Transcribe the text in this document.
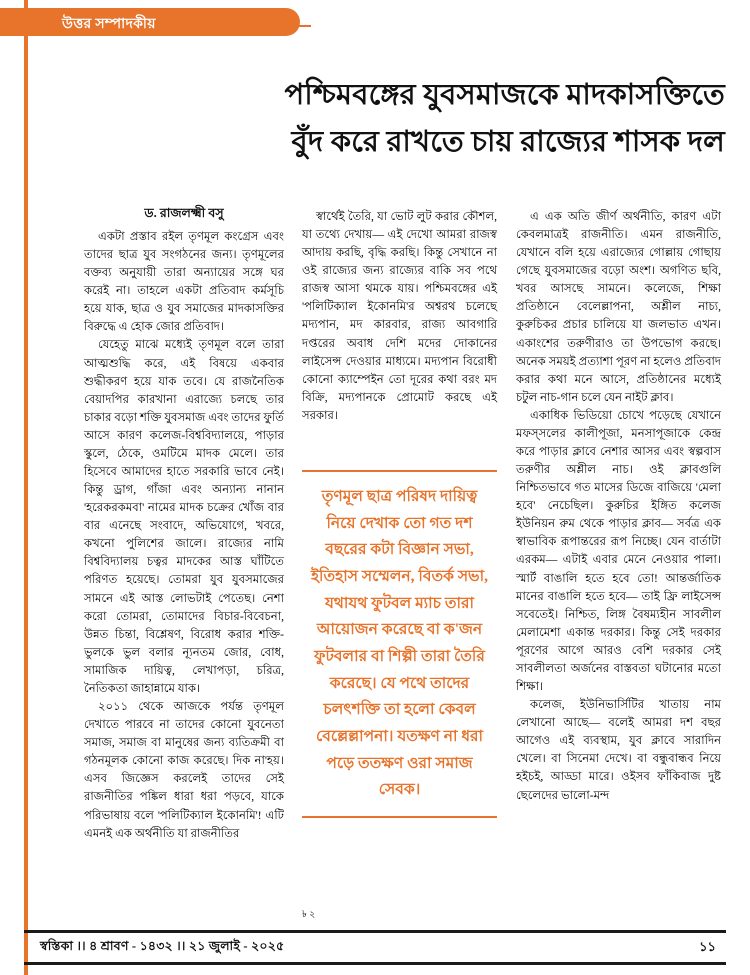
উত্তর সম্পাদকীয়
পশ্চিমবঙ্গের যুবসমাজকে মাদকাসক্তিতে
বুঁদ করে রাখতে চায় রাজ্যের শাসক দল
ড. রাজলক্ষ্মী বসু

একটা প্রস্তাব রইল তৃণমূল কংগ্রেস এবং তাদের ছাত্র যুব সংগঠনের জন্য। তৃণমূলের বক্তব্য অনুযায়ী তারা অন্যায়ের সঙ্গে ঘর করেই না। তাহলে একটা প্রতিবাদ কর্মসূচি হয়ে যাক, ছাত্র ও যুব সমাজের মাদকাসক্তির বিরুদ্ধে এ হোক জোর প্রতিবাদ।

যেহেতু মাঝে মধ্যেই তৃণমূল বলে তারা আত্মশুদ্ধি করে, এই বিষয়ে একবার শুদ্ধীকরণ হয়ে যাক তবে। যে রাজনৈতিক বেয়াদপির কারখানা এরাজ্যে চলছে তার চাকার বড়ো শক্তি যুবসমাজ এবং তাদের ফুর্তি আসে কারণ কলেজ-বিশ্ববিদ্যালয়ে, পাড়ার স্কুলে, ঠেকে, ওমটিমে মাদক মেলে। তার হিসেবে আমাদের হাতে সরকারি ভাবে নেই। কিন্তু ড্রাগ, গাঁজা এবং অন্যান্য নানান 'হরেকরকমবা' নামের মাদক চক্রের খোঁজ বার বার এনেছে সংবাদে, অভিযোগে, খবরে, কখনো পুলিশের জালে। রাজ্যের নামি বিশ্ববিদ্যালয় চত্বর মাদকের আস্ত ঘাঁটিতে পরিণত হয়েছে। তোমরা যুব যুবসমাজের সামনে এই আস্ত লোভটাই পেতেছ। নেশা করো তোমরা, তোমাদের বিচার-বিবেচনা, উন্নত চিন্তা, বিশ্লেষণ, বিরোধ করার শক্তি-ভুলকে ভুল বলার ন্যূনতম জোর, বোধ, সামাজিক দায়িত্ব, লেখাপড়া, চরিত্র, নৈতিকতা জাহান্নামে যাক।

২০১১ থেকে আজকে পর্যন্ত তৃণমূল দেখাতে পারবে না তাদের কোনো যুবনেতা সমাজ, সমাজ বা মানুষের জন্য ব্যতিক্রমী বা গঠনমূলক কোনো কাজ করেছে। দিক না'হয়। এসব জিজ্ঞেস করলেই তাদের সেই রাজনীতির পঙ্কিল ধারা ধরা পড়বে, যাকে পরিভাষায় বলে 'পলিটিক্যাল ইকোনমি'! এটি এমনই এক অর্থনীতি যা রাজনীতির

স্বার্থেই তৈরি, যা ভোট লুট করার কৌশল, যা তথ্যে দেখায়— এই দেখো আমরা রাজস্ব আদায় করছি, বৃদ্ধি করছি। কিন্তু সেখানে না ওই রাজ্যের জন্য রাজ্যের বাকি সব পথে রাজস্ব আসা থমকে যায়। পশ্চিমবঙ্গের এই 'পলিটিক্যাল ইকোনমি'র অশ্বরথ চলেছে মদ্যপান, মদ কারবার, রাজ্য আবগারি দপ্তরের অবাধ দেশি মদের দোকানের লাইসেন্স দেওয়ার মাধ্যমে। মদ্যপান বিরোধী কোনো ক্যাম্পেইন তো দূরের কথা বরং মদ বিক্রি, মদ্যপানকে প্রোমোট করছে এই সরকার।

তৃণমূল ছাত্র পরিষদ দায়িত্ব নিয়ে দেখাক তো গত দশ বছরের কটা বিজ্ঞান সভা, ইতিহাস সম্মেলন, বিতর্ক সভা, যথাযথ ফুটবল ম্যাচ তারা আয়োজন করেছে বা ক'জন ফুটবলার বা শিল্পী তারা তৈরি করেছে। যে পথে তাদের চলৎশক্তি তা হলো কেবল বেল্লেল্লাপনা। যতক্ষণ না ধরা পড়ে ততক্ষণ ওরা সমাজ সেবক।
৳ ২

এ এক অতি জীর্ণ অর্থনীতি, কারণ এটা কেবলমাত্রই রাজনীতি। এমন রাজনীতি, যেখানে বলি হয়ে এরাজ্যের গোল্লায় গোছায় গেছে যুবসমাজের বড়ো অংশ। অগণিত ছবি, খবর আসছে সামনে। কলেজে, শিক্ষা প্রতিষ্ঠানে বেলেল্লাপনা, অশ্লীল নাচ্য, কুরুচিকর প্রচার চালিয়ে যা জলভাত এখন। একাংশের তরুণীরাও তা উপভোগ করছে। অনেক সময়ই প্রত্যাশা পূরণ না হলেও প্রতিবাদ করার কথা মনে আসে, প্রতিষ্ঠানের মধ্যেই চটুল নাচ-গান চলে যেন নাইট ক্লাব।

একাধিক ভিডিয়ো চোখে পড়েছে যেখানে মফস্সলের কালীপূজা, মনসাপূজাকে কেন্দ্র করে পাড়ার ক্লাবে নেশার আসর এবং স্বল্পবাস তরুণীর অশ্লীল নাচ। ওই ক্লাবগুলি নিশ্চিতভাবে গত মাসের ডিজে বাজিয়ে 'মেলা হবে' নেচেছিল। কুরুচির ইঙ্গিত কলেজ ইউনিয়ন রুম থেকে পাড়ার ক্লাব— সর্বত্র এক স্বাভাবিক রূপান্তরের রূপ নিচ্ছে। যেন বার্তাটা এরকম— এটাই এবার মেনে নেওয়ার পালা। স্মার্ট বাঙালি হতে হবে তো! আন্তর্জাতিক মানের বাঙালি হতে হবে— তাই ফ্রি লাইসেন্স সবেতেই। নিশ্চিত, লিঙ্গ বৈষম্যহীন সাবলীল মেলামেশা একান্ত দরকার। কিন্তু সেই দরকার পূরণের আগে আরও বেশি দরকার সেই সাবলীলতা অর্জনের বাস্তবতা ঘটানোর মতো শিক্ষা।

কলেজ, ইউনিভার্সিটির খাতায় নাম লেখানো আছে— বলেই আমরা দশ বছর আগেও এই ব্যবস্থাম, যুব ক্লাবে সারাদিন খেলে। বা সিনেমা দেখে। বা বন্ধুবান্ধব নিয়ে হইচই, আড্ডা মারে। ওইসব ফাঁকিবাজ দুষ্ট ছেলেদের ভালো-মন্দ

স্বস্তিকা ।। ৪ শ্রাবণ - ১৪৩২ ।। ২১ জুলাই - ২০২৫	১১
